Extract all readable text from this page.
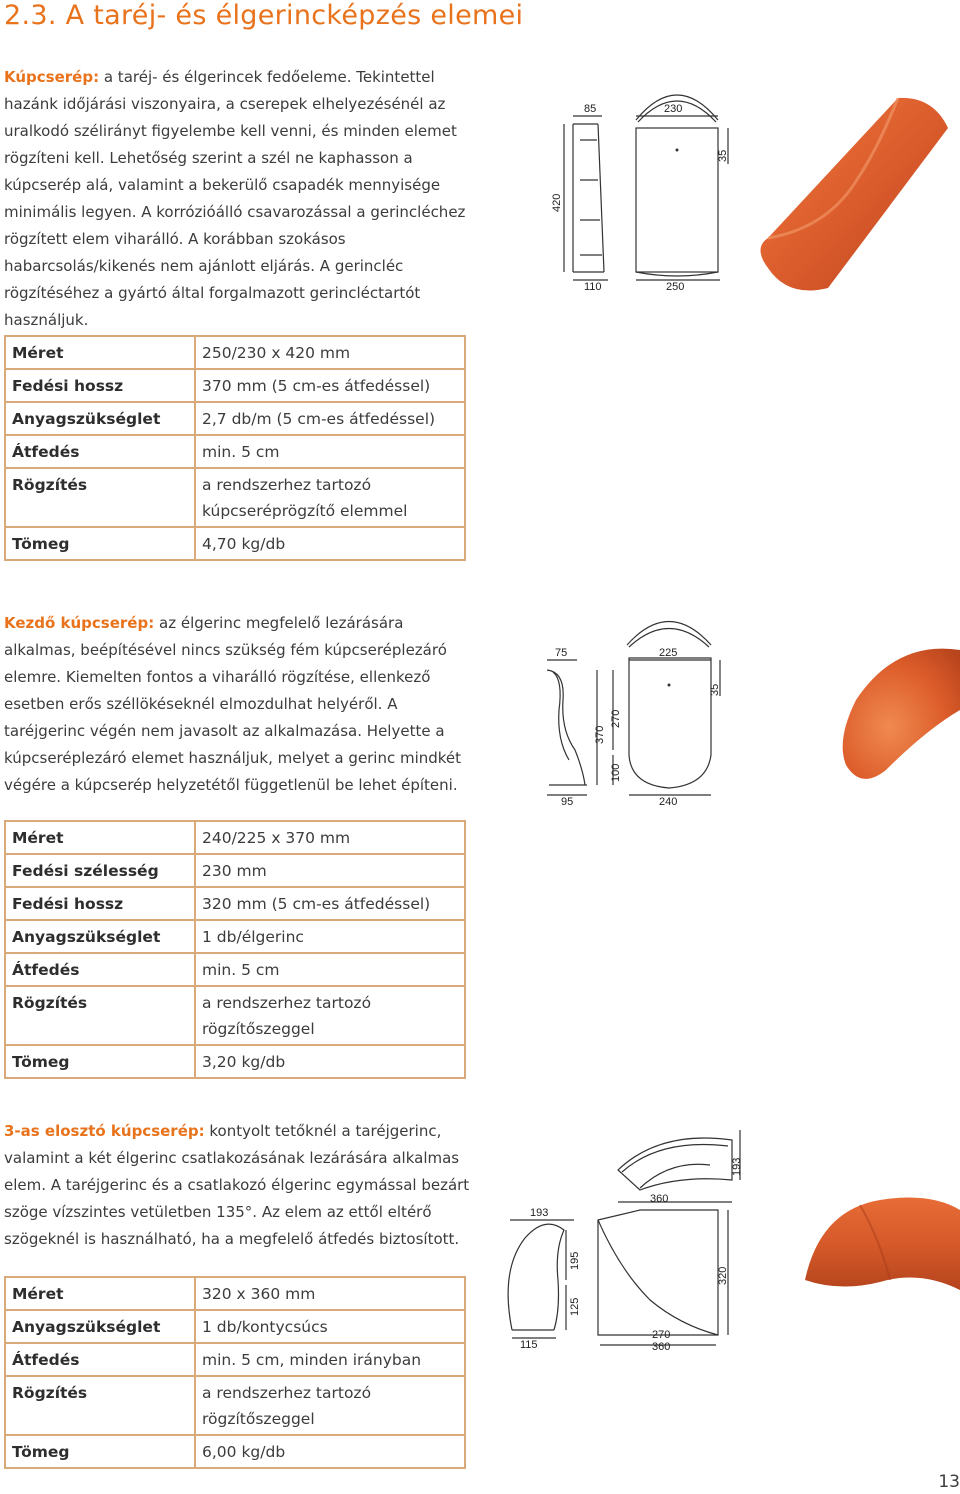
2.3. A taréj- és élgerincképzés elemei

Kúpcserép: a taréj- és élgerincek fedőeleme. Tekintettel hazánk időjárási viszonyaira, a cserepek elhelyezésénél az uralkodó szélirányt figyelembe kell venni, és minden elemet rögzíteni kell. Lehetőség szerint a szél ne kaphasson a kúpcserép alá, valamint a bekerülő csapadék mennyisége minimális legyen. A korrózióálló csavarozással a gerincléchez rögzített elem viharálló. A korábban szokásos habarcsolás/kikenés nem ajánlott eljárás. A gerincléc rögzítéséhez a gyártó által forgalmazott gerincléctartót használjuk.

85
110
420
230
250
35
Méret	250/230 x 420 mm
Fedési hossz	370 mm (5 cm-es átfedéssel)
Anyagszükséglet	2,7 db/m (5 cm-es átfedéssel)
Átfedés	min. 5 cm
Rögzítés	a rendszerhez tartozó kúpcseréprögzítő elemmel
Tömeg	4,70 kg/db

Kezdő kúpcserép: az élgerinc megfelelő lezárására alkalmas, beépítésével nincs szükség fém kúpcseréplezáró elemre. Kiemelten fontos a viharálló rögzítése, ellenkező esetben erős széllökéseknél elmozdulhat helyéről. A taréjgerinc végén nem javasolt az alkalmazása. Helyette a kúpcseréplezáró elemet használjuk, melyet a gerinc mindkét végére a kúpcserép helyzetétől függetlenül be lehet építeni.

75
95
370
270
100
225
240
35
Méret	240/225 x 370 mm
Fedési szélesség	230 mm
Fedési hossz	320 mm (5 cm-es átfedéssel)
Anyagszükséglet	1 db/élgerinc
Átfedés	min. 5 cm
Rögzítés	a rendszerhez tartozó rögzítőszeggel
Tömeg	3,20 kg/db

3-as elosztó kúpcserép: kontyolt tetőknél a taréjgerinc, valamint a két élgerinc csatlakozásának lezárására alkalmas elem. A taréjgerinc és a csatlakozó élgerinc egymással bezárt szöge vízszintes vetületben 135°. Az elem az ettől eltérő szögeknél is használható, ha a megfelelő átfedés biztosított.

193
115
195
125
360
270
360
193
320
Méret	320 x 360 mm
Anyagszükséglet	1 db/kontycsúcs
Átfedés	min. 5 cm, minden irányban
Rögzítés	a rendszerhez tartozó rögzítőszeggel
Tömeg	6,00 kg/db
13
